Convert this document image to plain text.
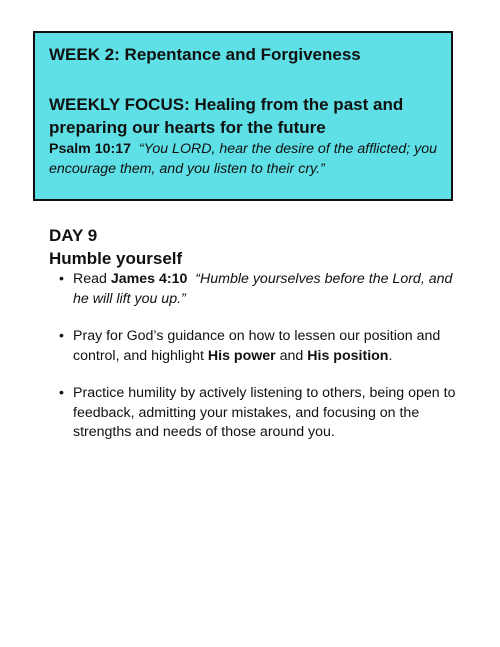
WEEK 2: Repentance and Forgiveness

WEEKLY FOCUS: Healing from the past and preparing our hearts for the future

Psalm 10:17 “You LORD, hear the desire of the afflicted; you encourage them, and you listen to their cry.”

DAY 9

Humble yourself

• Read James 4:10 “Humble yourselves before the Lord, and he will lift you up.”
• Pray for God’s guidance on how to lessen our position and control, and highlight His power and His position.
• Practice humility by actively listening to others, being open to feedback, admitting your mistakes, and focusing on the strengths and needs of those around you.
